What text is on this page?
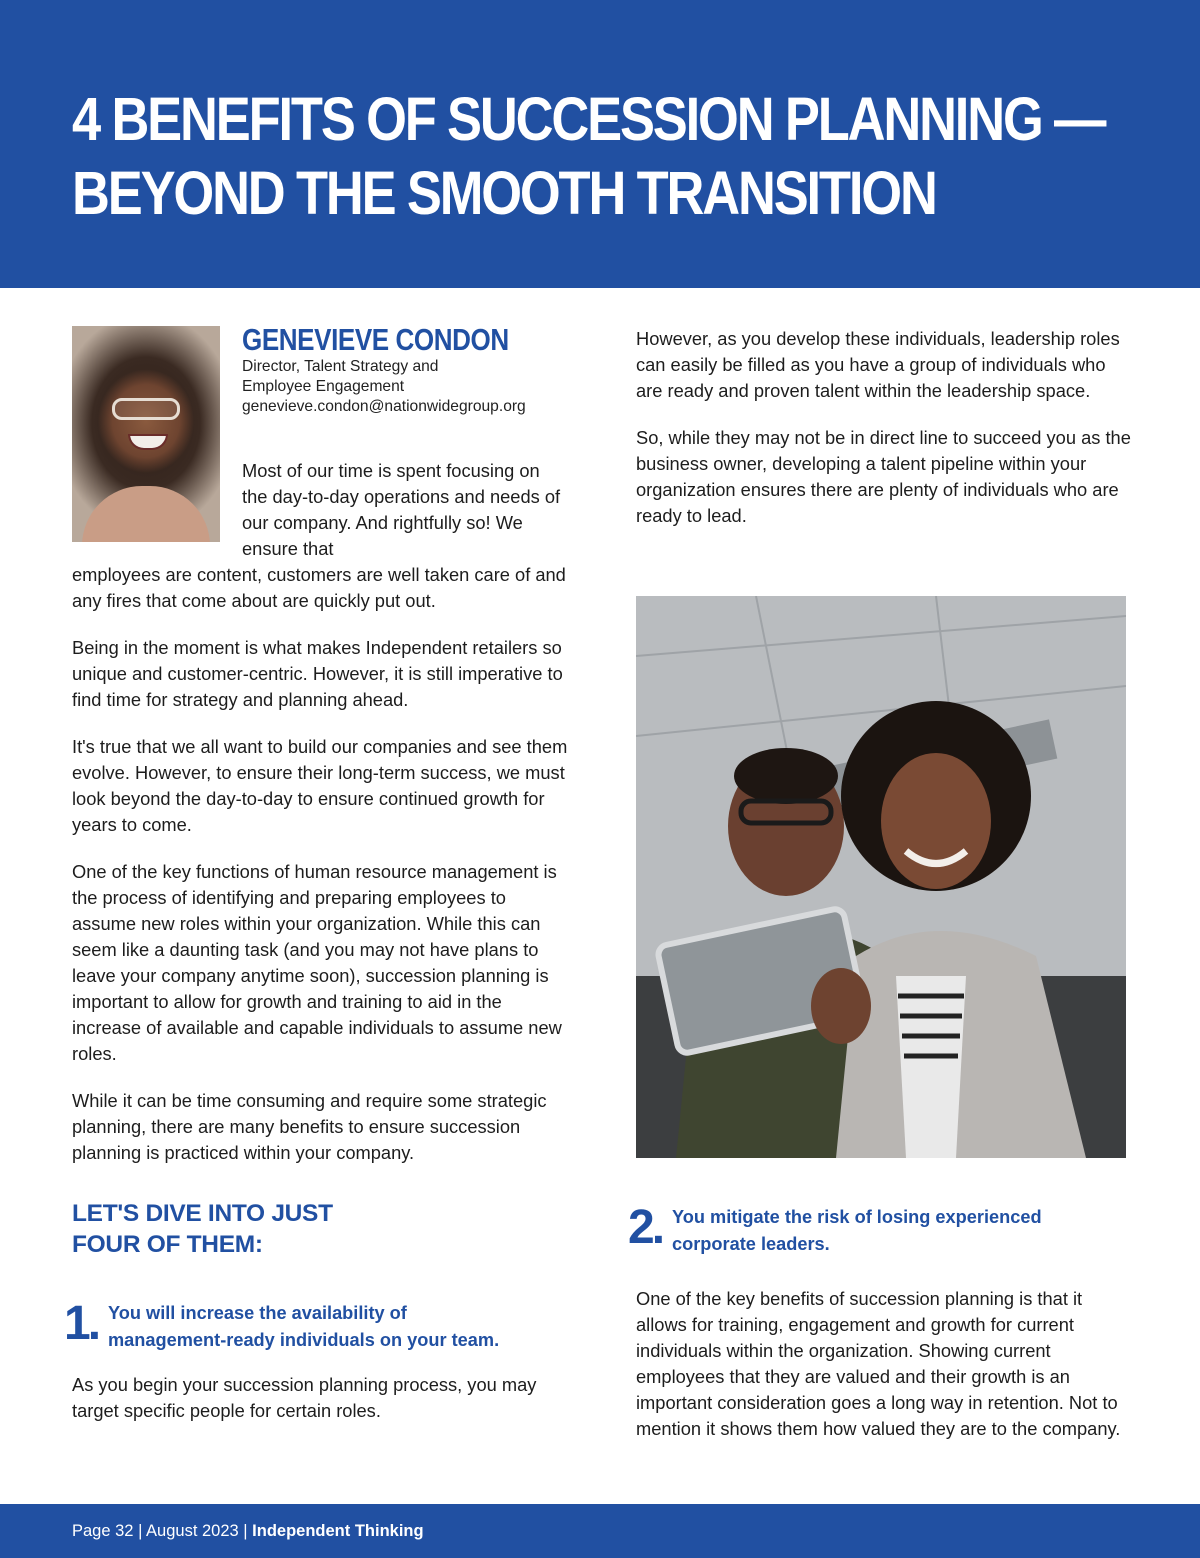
4 BENEFITS OF SUCCESSION PLANNING —
BEYOND THE SMOOTH TRANSITION
GENEVIEVE CONDON
Director, Talent Strategy and
Employee Engagement
genevieve.condon@nationwidegroup.org

Most of our time is spent focusing on the day-to-day operations and needs of our company. And rightfully so! We ensure that

employees are content, customers are well taken care of and any fires that come about are quickly put out.

Being in the moment is what makes Independent retailers so unique and customer-centric. However, it is still imperative to find time for strategy and planning ahead.

It's true that we all want to build our companies and see them evolve. However, to ensure their long-term success, we must look beyond the day-to-day to ensure continued growth for years to come.

One of the key functions of human resource management is the process of identifying and preparing employees to assume new roles within your organization. While this can seem like a daunting task (and you may not have plans to leave your company anytime soon), succession planning is important to allow for growth and training to aid in the increase of available and capable individuals to assume new roles.

While it can be time consuming and require some strategic planning, there are many benefits to ensure succession planning is practiced within your company.

LET'S DIVE INTO JUST
FOUR OF THEM:
1. You will increase the availability of
management-ready individuals on your team.

As you begin your succession planning process, you may target specific people for certain roles.

However, as you develop these individuals, leadership roles can easily be filled as you have a group of individuals who are ready and proven talent within the leadership space.

So, while they may not be in direct line to succeed you as the business owner, developing a talent pipeline within your organization ensures there are plenty of individuals who are ready to lead.

2. You mitigate the risk of losing experienced
corporate leaders.

One of the key benefits of succession planning is that it allows for training, engagement and growth for current individuals within the organization. Showing current employees that they are valued and their growth is an important consideration goes a long way in retention. Not to mention it shows them how valued they are to the company.

Page 32 | August 2023 | Independent Thinking
